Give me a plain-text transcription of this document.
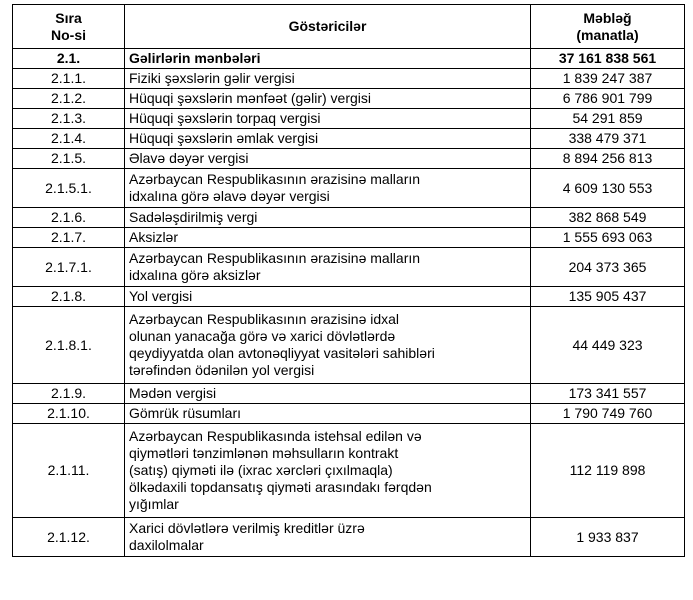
Sıra
No-si	Göstəricilər	Məbləğ
(manatla)
2.1.	Gəlirlərin mənbələri	37 161 838 561
2.1.1.	Fiziki şəxslərin gəlir vergisi	1 839 247 387
2.1.2.	Hüquqi şəxslərin mənfəət (gəlir) vergisi	6 786 901 799
2.1.3.	Hüquqi şəxslərin torpaq vergisi	54 291 859
2.1.4.	Hüquqi şəxslərin əmlak vergisi	338 479 371
2.1.5.	Əlavə dəyər vergisi	8 894 256 813
2.1.5.1.	Azərbaycan Respublikasının ərazisinə malların
idxalına görə əlavə dəyər vergisi	4 609 130 553
2.1.6.	Sadələşdirilmiş vergi	382 868 549
2.1.7.	Aksizlər	1 555 693 063
2.1.7.1.	Azərbaycan Respublikasının ərazisinə malların
idxalına görə aksizlər	204 373 365
2.1.8.	Yol vergisi	135 905 437
2.1.8.1.	Azərbaycan Respublikasının ərazisinə idxal
olunan yanacağa görə və xarici dövlətlərdə
qeydiyyatda olan avtonəqliyyat vasitələri sahibləri
tərəfindən ödənilən yol vergisi	44 449 323
2.1.9.	Mədən vergisi	173 341 557
2.1.10.	Gömrük rüsumları	1 790 749 760
2.1.11.	Azərbaycan Respublikasında istehsal edilən və
qiymətləri tənzimlənən məhsulların kontrakt
(satış) qiyməti ilə (ixrac xərcləri çıxılmaqla)
ölkədaxili topdansatış qiyməti arasındakı fərqdən
yığımlar	112 119 898
2.1.12.	Xarici dövlətlərə verilmiş kreditlər üzrə
daxilolmalar	1 933 837
